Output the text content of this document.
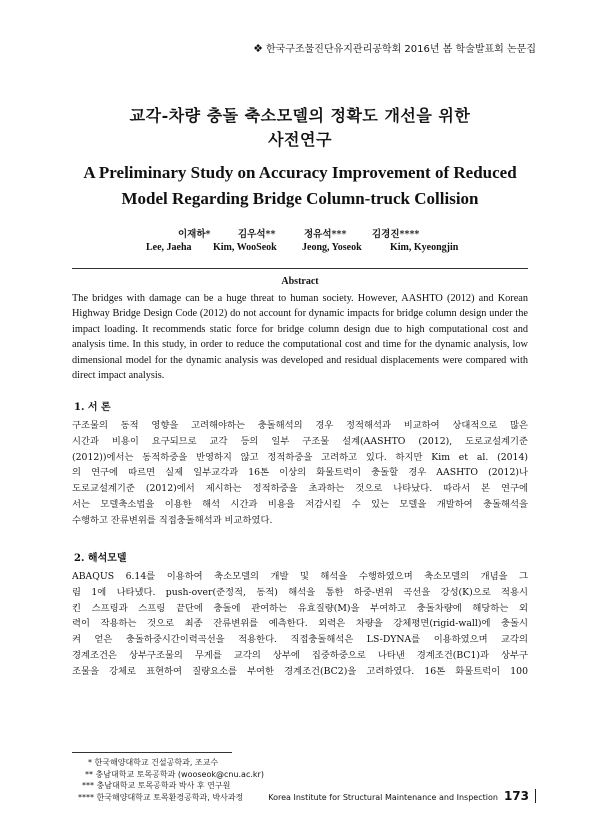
❖ 한국구조물진단유지관리공학회 2016년 봄 학술발표회 논문집
교각-차량 충돌 축소모델의 정확도 개선을 위한
사전연구
A Preliminary Study on Accuracy Improvement of Reduced
Model Regarding Bridge Column-truck Collision
이재하*	김우석**	정유석***	김경진****
Lee, Jaeha Kim, WooSeok	Jeong, Yoseok	Kim, Kyeongjin
Abstract
The bridges with damage can be a huge threat to human society. However, AASHTO (2012) and Korean Highway Bridge Design Code (2012) do not account for dynamic impacts for bridge column design under the impact loading. It recommends static force for bridge column design due to high computational cost and analysis time. In this study, in order to reduce the computational cost and time for the dynamic analysis, low dimensional model for the dynamic analysis was developed and residual displacements were compared with direct impact analysis.
1. 서 론
구조물의 동적 영향을 고려해야하는 충돌해석의 경우 정적해석과 비교하여 상대적으로 많은
시간과 비용이 요구되므로 교각 등의 일부 구조물 설계(AASHTO (2012), 도로교설계기준
(2012))에서는 동적하중을 반영하지 않고 정적하중을 고려하고 있다. 하지만 Kim et al. (2014)
의 연구에 따르면 실제 일부교각과 16톤 이상의 화물트럭이 충돌할 경우 AASHTO (2012)나
도로교설계기준 (2012)에서 제시하는 정적하중을 초과하는 것으로 나타났다. 따라서 본 연구에
서는 모델축소법을 이용한 해석 시간과 비용을 저감시킬 수 있는 모델을 개발하여 충돌해석을
수행하고 잔류변위를 직접충돌해석과 비교하였다.
2. 해석모델
ABAQUS 6.14를 이용하여 축소모델의 개발 및 해석을 수행하였으며 축소모델의 개념을 그
림 1에 나타냈다. push-over(준정적, 동적) 해석을 통한 하중-변위 곡선을 강성(K)으로 적용시
킨 스프링과 스프링 끝단에 충돌에 관여하는 유효질량(M)을 부여하고 충돌차량에 해당하는 외
력이 작용하는 것으로 최종 잔류변위를 예측한다. 외력은 차량을 강체평면(rigid-wall)에 충돌시
켜 얻은 충돌하중시간이력곡선을 적용한다. 직접충돌해석은 LS-DYNA를 이용하였으며 교각의
경계조건은 상부구조물의 무게를 교각의 상부에 집중하중으로 나타낸 경계조건(BC1)과 상부구
조물을 강체로 표현하여 질량요소를 부여한 경계조건(BC2)을 고려하였다. 16톤 화물트럭이 100
* 한국해양대학교 건설공학과, 조교수
** 충남대학교 토목공학과 (wooseok@cnu.ac.kr)
*** 충남대학교 토목공학과 박사 후 연구원
**** 한국해양대학교 토목환경공학과, 박사과정	Korea Institute for Structural Maintenance and Inspection 173
